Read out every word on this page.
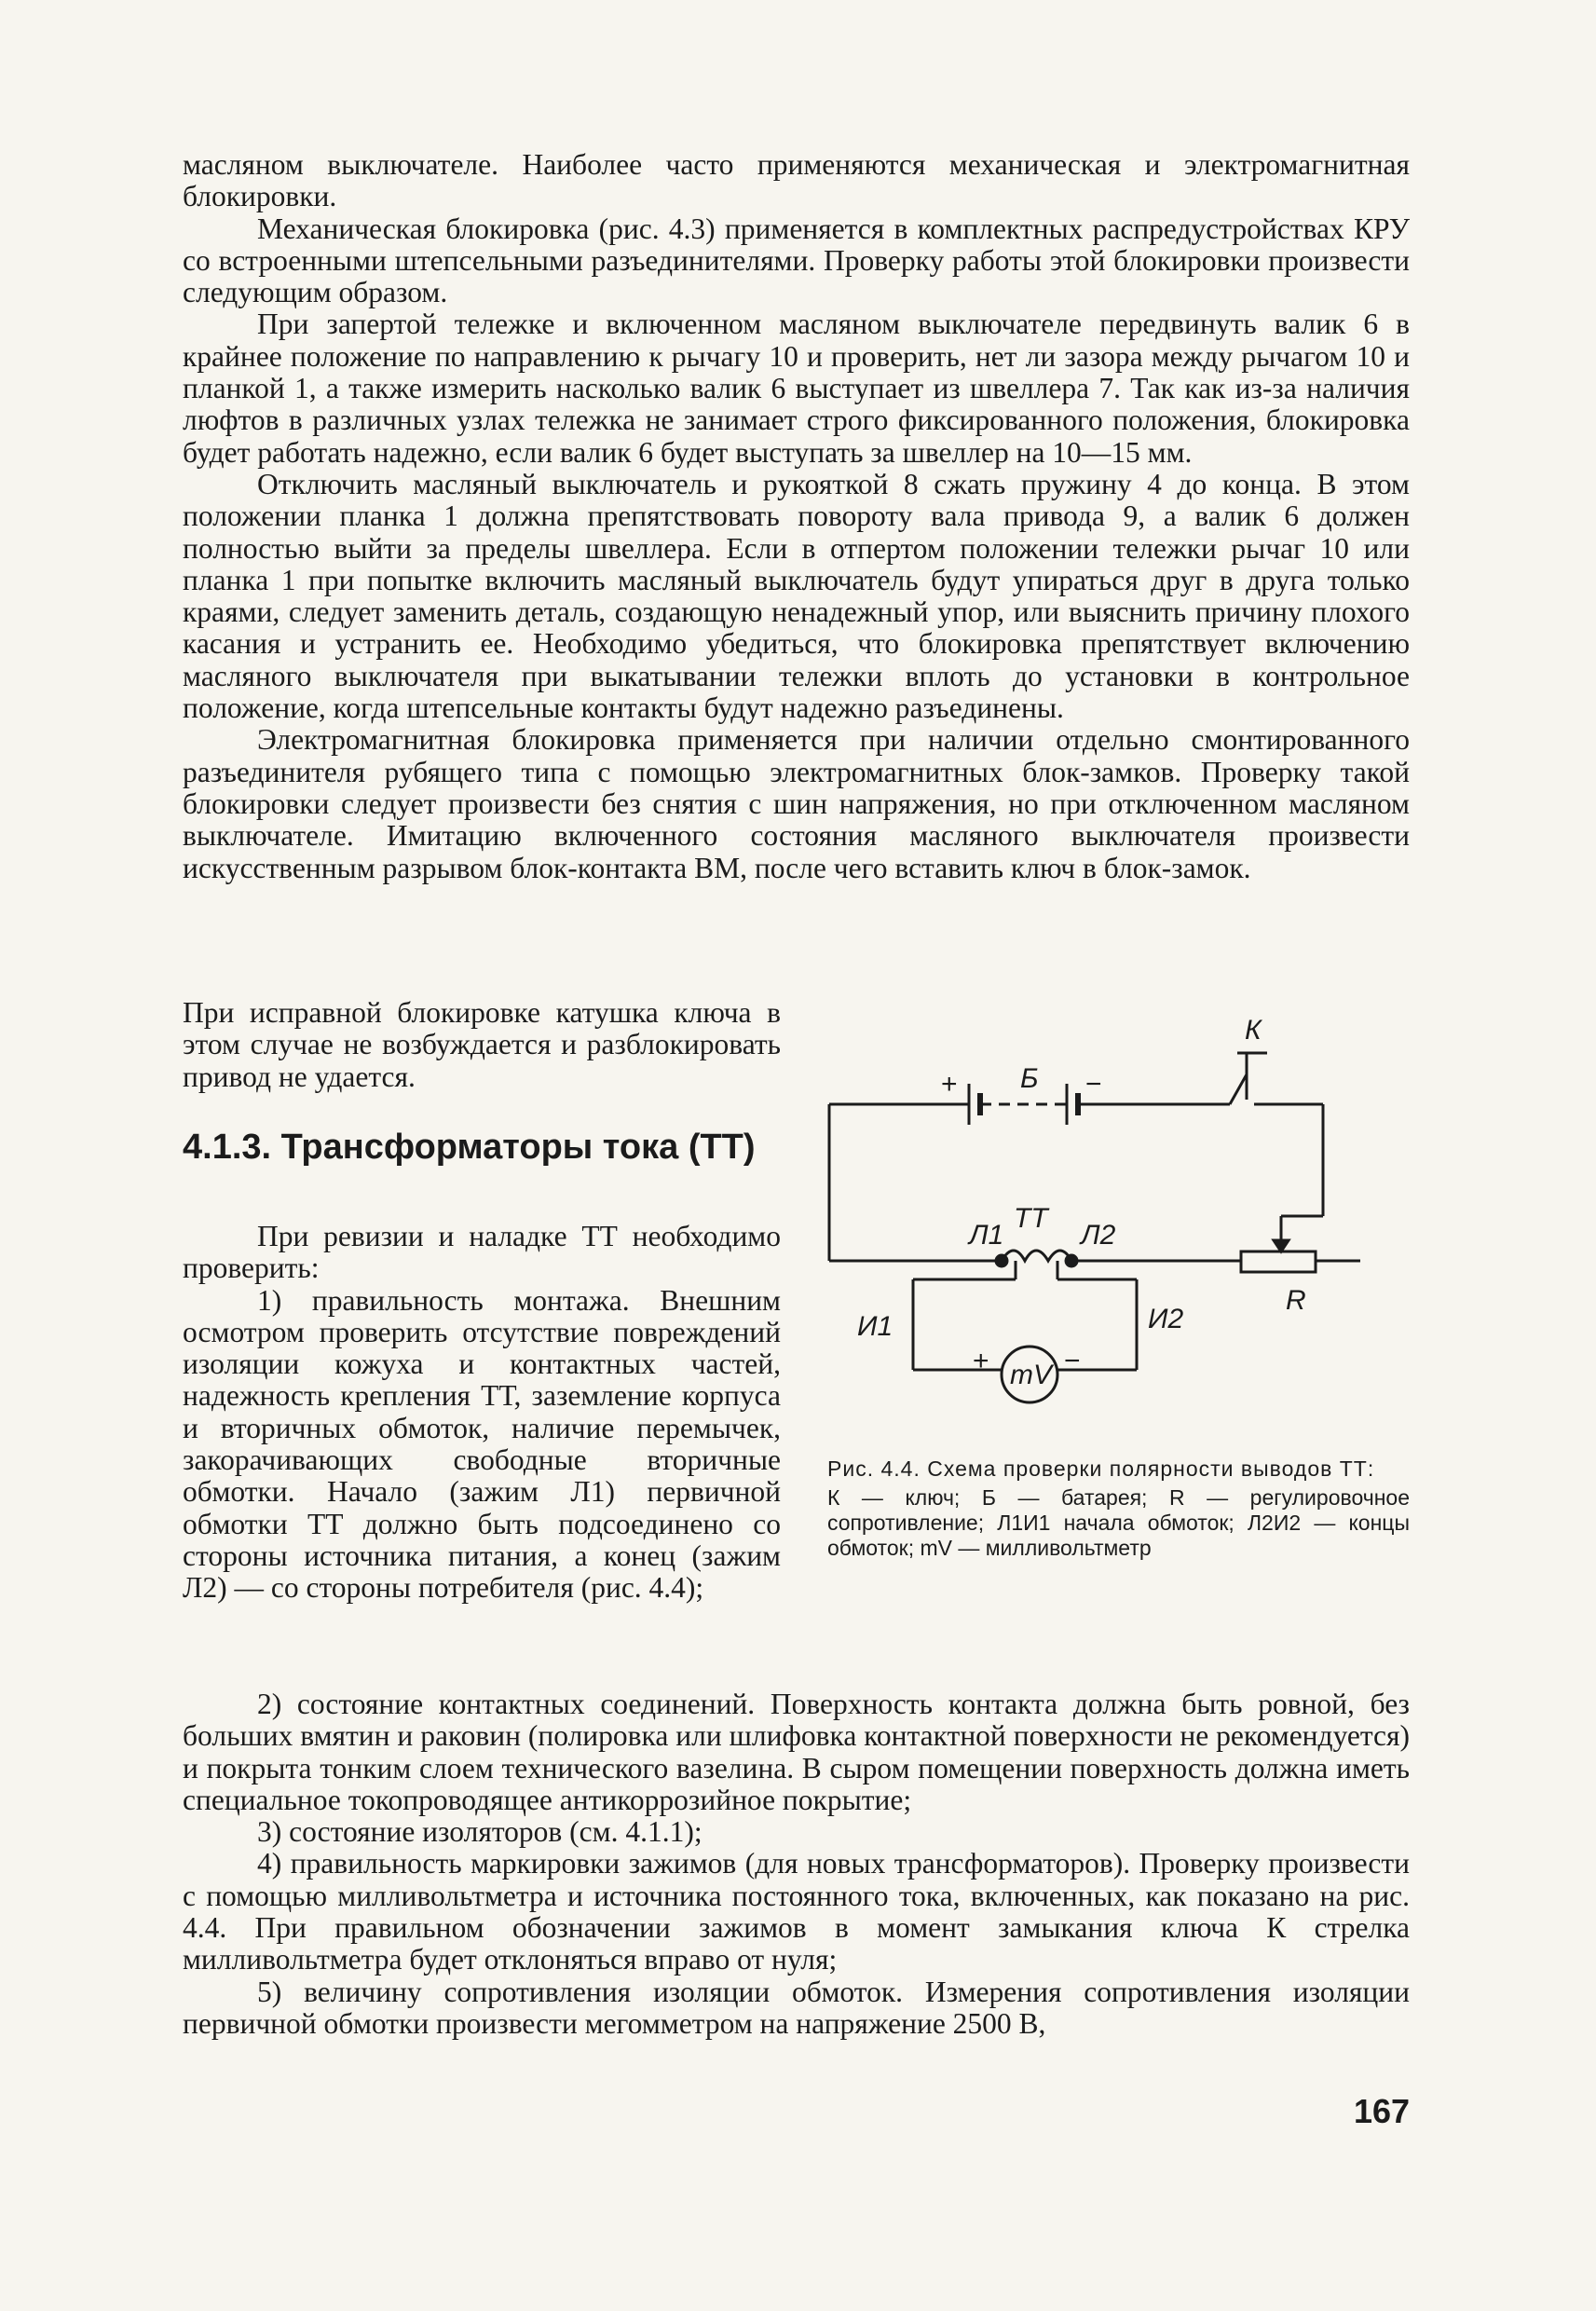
масляном выключателе. Наиболее часто применяются механическая и электромагнитная блокировки.

Механическая блокировка (рис. 4.3) применяется в комплектных распредустройствах КРУ со встроенными штепсельными разъединителями. Проверку работы этой блокировки произвести следующим образом.

При запертой тележке и включенном масляном выключателе передвинуть валик 6 в крайнее положение по направлению к рычагу 10 и проверить, нет ли зазора между рычагом 10 и планкой 1, а также измерить насколько валик 6 выступает из швеллера 7. Так как из-за наличия люфтов в различных узлах тележка не занимает строго фиксированного положения, блокировка будет работать надежно, если валик 6 будет выступать за швеллер на 10—15 мм.

Отключить масляный выключатель и рукояткой 8 сжать пружину 4 до конца. В этом положении планка 1 должна препятствовать повороту вала привода 9, а валик 6 должен полностью выйти за пределы швеллера. Если в отпертом положении тележки рычаг 10 или планка 1 при попытке включить масляный выключатель будут упираться друг в друга только краями, следует заменить деталь, создающую ненадежный упор, или выяснить причину плохого касания и устранить ее. Необходимо убедиться, что блокировка препятствует включению масляного выключателя при выкатывании тележки вплоть до установки в контрольное положение, когда штепсельные контакты будут надежно разъединены.

Электромагнитная блокировка применяется при наличии отдельно смонтированного разъединителя рубящего типа с помощью электромагнитных блок-замков. Проверку такой блокировки следует произвести без снятия с шин напряжения, но при отключенном масляном выключателе. Имитацию включенного состояния масляного выключателя произвести искусственным разрывом блок-контакта ВМ, после чего вставить ключ в блок-замок.

При исправной блокировке катушка ключа в этом случае не возбуждается и разблокировать привод не удается.

4.1.3. Трансформаторы тока (ТТ)

При ревизии и наладке ТТ необходимо проверить:

1) правильность монтажа. Внешним осмотром проверить отсутствие повреждений изоляции кожуха и контактных частей, надежность крепления ТТ, заземление корпуса и вторичных обмоток, наличие перемычек, закорачивающих свободные вторичные обмотки. Начало (зажим Л1) первичной обмотки ТТ должно быть подсоединено со стороны источника питания, а конец (зажим Л2) — со стороны потребителя (рис. 4.4);

К
+ Б −
Л1
ТТ
Л2
R
И1	И2
+ mV −

Рис. 4.4. Схема проверки полярности выводов ТТ:

К — ключ; Б — батарея; R — регулировочное сопротивление; Л1И1 начала обмоток; Л2И2 — концы обмоток; mV — милливольтметр

2) состояние контактных соединений. Поверхность контакта должна быть ровной, без больших вмятин и раковин (полировка или шлифовка контактной поверхности не рекомендуется) и покрыта тонким слоем технического вазелина. В сыром помещении поверхность должна иметь специальное токопроводящее антикоррозийное покрытие;

3) состояние изоляторов (см. 4.1.1);

4) правильность маркировки зажимов (для новых трансформаторов). Проверку произвести с помощью милливольтметра и источника постоянного тока, включенных, как показано на рис. 4.4. При правильном обозначении зажимов в момент замыкания ключа К стрелка милливольтметра будет отклоняться вправо от нуля;

5) величину сопротивления изоляции обмоток. Измерения сопротивления изоляции первичной обмотки произвести мегомметром на напряжение 2500 В,

167
